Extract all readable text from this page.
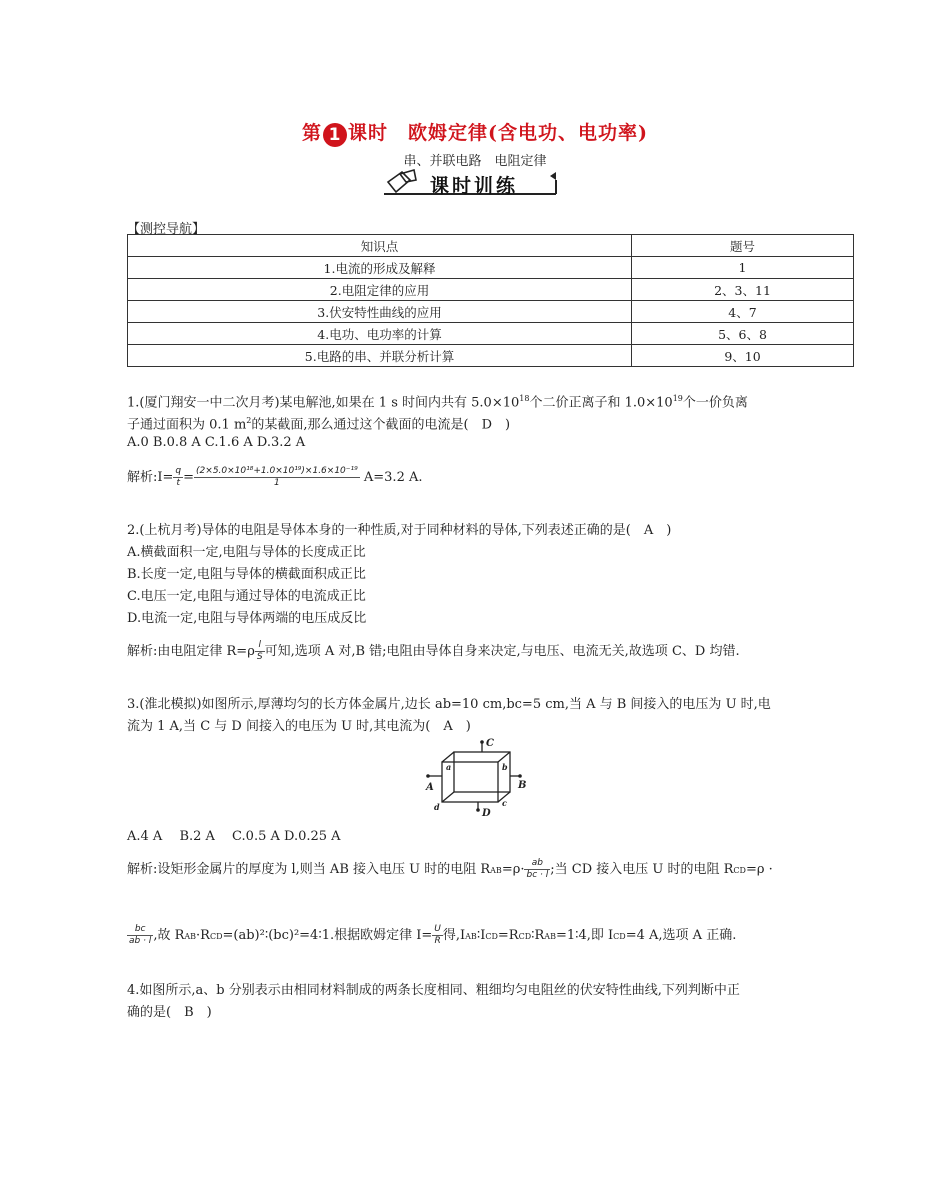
第 1 课时　欧姆定律(含电功、电功率)
串、并联电路　电阻定律
课时训练
【测控导航】
知识点	题号
1.电流的形成及解释	1
2.电阻定律的应用	2、3、11
3.伏安特性曲线的应用	4、7
4.电功、电功率的计算	5、6、8
5.电路的串、并联分析计算	9、10
1.(厦门翔安一中二次月考)某电解池,如果在 1 s 时间内共有 $5.0\times 10^{18}$个二价正离子和 $1.0\times 10^{19}$个一价负离
子通过面积为 0.1 $m^2$的某截面,那么通过这个截面的电流是(　D　)
A.0 B.0.8 A C.1.6 A D.3.2 A
解析:I= $\frac{q}{t} = \frac{\text{(2×5.0×10¹⁸+1.0×10¹⁹)×1.6×10⁻¹⁹}}{1} A=3.2$ A.
2.(上杭月考)导体的电阻是导体本身的一种性质,对于同种材料的导体,下列表述正确的是(　A　)
A.横截面积一定,电阻与导体的长度成正比
B.长度一定,电阻与导体的横截面积成正比
C.电压一定,电阻与通过导体的电流成正比
D.电流一定,电阻与导体两端的电压成反比
解析:由电阻定律 $R=\rho \frac{l}{S}$ 可知,选项 A 对,B 错;电阻由导体自身来决定,与电压、电流无关,故选项 C、D 均错.
3.(淮北模拟)如图所示,厚薄均匀的长方体金属片,边长 ab=10 cm,bc=5 cm,当 A 与 B 间接入的电压为 U 时,电
流为 1 A,当 C 与 D 间接入的电压为 U 时,其电流为(　A　)
C
D
A	B
a	b
c
d
A.4 A　 B.2 A　 C.0.5 A D.0.25 A
解析:设矩形金属片的厚度为 l,则当 AB 接入电压 U 时的电阻 $RAB=\rho\cdot \frac{ab}{bc \cdot l}$ ;当 CD 接入电压 U 时的电阻 RCD=ρ ·
$\frac{bc}{ab \cdot l}$ ,故 RAB·RCD=(ab)²∶(bc)²=4∶1.根据欧姆定律 $I= \frac{U}{R}$ 得,IAB∶ICD=RCD∶RAB=1∶4,即 ICD=4 A,选项 A 正确.
4.如图所示,a、b 分别表示由相同材料制成的两条长度相同、粗细均匀电阻丝的伏安特性曲线,下列判断中正
确的是(　B　)
